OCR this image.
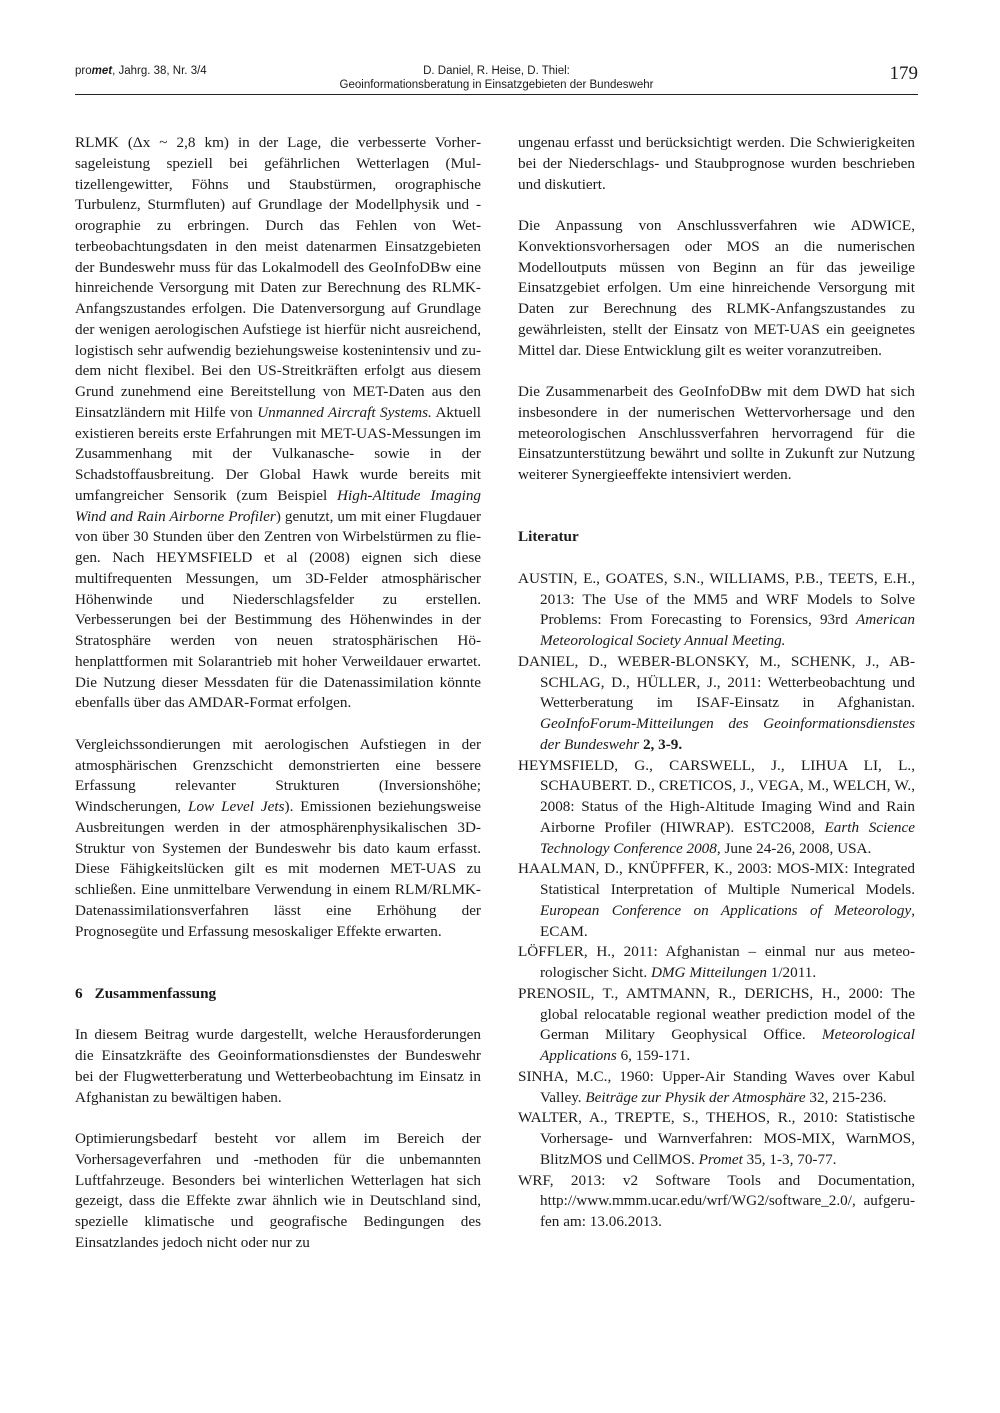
promet, Jahrg. 38, Nr. 3/4	D. Daniel, R. Heise, D. Thiel:
Geoinformationsberatung in Einsatzgebieten der Bundeswehr
179

RLMK (Δx ~ 2,8 km) in der Lage, die verbesserte Vorhersageleistung speziell bei gefährlichen Wetterlagen (Multizellengewitter, Föhns und Staubstürmen, orographische Turbulenz, Sturmfluten) auf Grundlage der Modellphysik und -orographie zu erbringen. Durch das Fehlen von Wetterbeobachtungsdaten in den meist datenarmen Einsatzgebieten der Bundeswehr muss für das Lokalmodell des GeoInfoDBw eine hinreichende Versorgung mit Daten zur Berechnung des RLMK-Anfangszustandes erfolgen. Die Datenversorgung auf Grundlage der wenigen aerologischen Aufstiege ist hierfür nicht ausreichend, logistisch sehr aufwendig beziehungsweise kostenintensiv und zudem nicht flexibel. Bei den US-Streitkräften erfolgt aus diesem Grund zunehmend eine Bereitstellung von MET-Daten aus den Einsatzländern mit Hilfe von Unmanned Aircraft Systems. Aktuell existieren bereits erste Erfahrungen mit MET-UAS-Messungen im Zusammenhang mit der Vulkanasche- sowie in der Schadstoffausbreitung. Der Global Hawk wurde bereits mit umfangreicher Sensorik (zum Beispiel High-Altitude Imaging Wind and Rain Airborne Profiler) genutzt, um mit einer Flugdauer von über 30 Stunden über den Zentren von Wirbelstürmen zu fliegen. Nach HEYMSFIELD et al (2008) eignen sich diese multifrequenten Messungen, um 3D-Felder atmosphärischer Höhenwinde und Niederschlagsfelder zu erstellen. Verbesserungen bei der Bestimmung des Höhenwindes in der Stratosphäre werden von neuen stratosphärischen Höhenplattformen mit Solarantrieb mit hoher Verweildauer erwartet. Die Nutzung dieser Messdaten für die Datenassimilation könnte ebenfalls über das AMDAR-Format erfolgen.

Vergleichssondierungen mit aerologischen Aufstiegen in der atmosphärischen Grenzschicht demonstrierten eine bessere Erfassung relevanter Strukturen (Inversionshöhe; Windscherungen, Low Level Jets). Emissionen beziehungsweise Ausbreitungen werden in der atmosphärenphysikalischen 3D-Struktur von Systemen der Bundeswehr bis dato kaum erfasst. Diese Fähigkeitslücken gilt es mit modernen MET-UAS zu schließen. Eine unmittelbare Verwendung in einem RLM/RLMK-Datenassimilationsverfahren lässt eine Erhöhung der Prognosegüte und Erfassung mesoskaliger Effekte erwarten.

6 Zusammenfassung

In diesem Beitrag wurde dargestellt, welche Herausforderungen die Einsatzkräfte des Geoinformationsdienstes der Bundeswehr bei der Flugwetterberatung und Wetterbeobachtung im Einsatz in Afghanistan zu bewältigen haben.

Optimierungsbedarf besteht vor allem im Bereich der Vorhersageverfahren und -methoden für die unbemannten Luftfahrzeuge. Besonders bei winterlichen Wetterlagen hat sich gezeigt, dass die Effekte zwar ähnlich wie in Deutschland sind, spezielle klimatische und geografische Bedingungen des Einsatzlandes jedoch nicht oder nur zu

ungenau erfasst und berücksichtigt werden. Die Schwierigkeiten bei der Niederschlags- und Staubprognose wurden beschrieben und diskutiert.

Die Anpassung von Anschlussverfahren wie ADWICE, Konvektionsvorhersagen oder MOS an die numerischen Modelloutputs müssen von Beginn an für das jeweilige Einsatzgebiet erfolgen. Um eine hinreichende Versorgung mit Daten zur Berechnung des RLMK-Anfangszustandes zu gewährleisten, stellt der Einsatz von MET-UAS ein geeignetes Mittel dar. Diese Entwicklung gilt es weiter voranzutreiben.

Die Zusammenarbeit des GeoInfoDBw mit dem DWD hat sich insbesondere in der numerischen Wettervorhersage und den meteorologischen Anschlussverfahren hervorragend für die Einsatzunterstützung bewährt und sollte in Zukunft zur Nutzung weiterer Synergieeffekte intensiviert werden.

Literatur

AUSTIN, E., GOATES, S.N., WILLIAMS, P.B., TEETS, E.H., 2013: The Use of the MM5 and WRF Models to Solve Problems: From Forecasting to Forensics, 93rd American Meteorological Society Annual Meeting.

DANIEL, D., WEBER-BLONSKY, M., SCHENK, J., ABSCHLAG, D., HÜLLER, J., 2011: Wetterbeobachtung und Wetterberatung im ISAF-Einsatz in Afghanistan. GeoInfoForum-Mitteilungen des Geoinformationsdienstes der Bundeswehr 2, 3-9.

HEYMSFIELD, G., CARSWELL, J., LIHUA LI, L., SCHAUBERT. D., CRETICOS, J., VEGA, M., WELCH, W., 2008: Status of the High-Altitude Imaging Wind and Rain Airborne Profiler (HIWRAP). ESTC2008, Earth Science Technology Conference 2008, June 24-26, 2008, USA.

HAALMAN, D., KNÜPFFER, K., 2003: MOS-MIX: Integrated Statistical Interpretation of Multiple Numerical Models. European Conference on Applications of Meteorology, ECAM.

LÖFFLER, H., 2011: Afghanistan – einmal nur aus meteorologischer Sicht. DMG Mitteilungen 1/2011.

PRENOSIL, T., AMTMANN, R., DERICHS, H., 2000: The global relocatable regional weather prediction model of the German Military Geophysical Office. Meteorological Applications 6, 159-171.

SINHA, M.C., 1960: Upper-Air Standing Waves over Kabul Valley. Beiträge zur Physik der Atmosphäre 32, 215-236.

WALTER, A., TREPTE, S., THEHOS, R., 2010: Statistische Vorhersage- und Warnverfahren: MOS-MIX, WarnMOS, BlitzMOS und CellMOS. Promet 35, 1-3, 70-77.

WRF, 2013: v2 Software Tools and Documentation, http://www.mmm.ucar.edu/wrf/WG2/software_2.0/, aufgerufen am: 13.06.2013.
